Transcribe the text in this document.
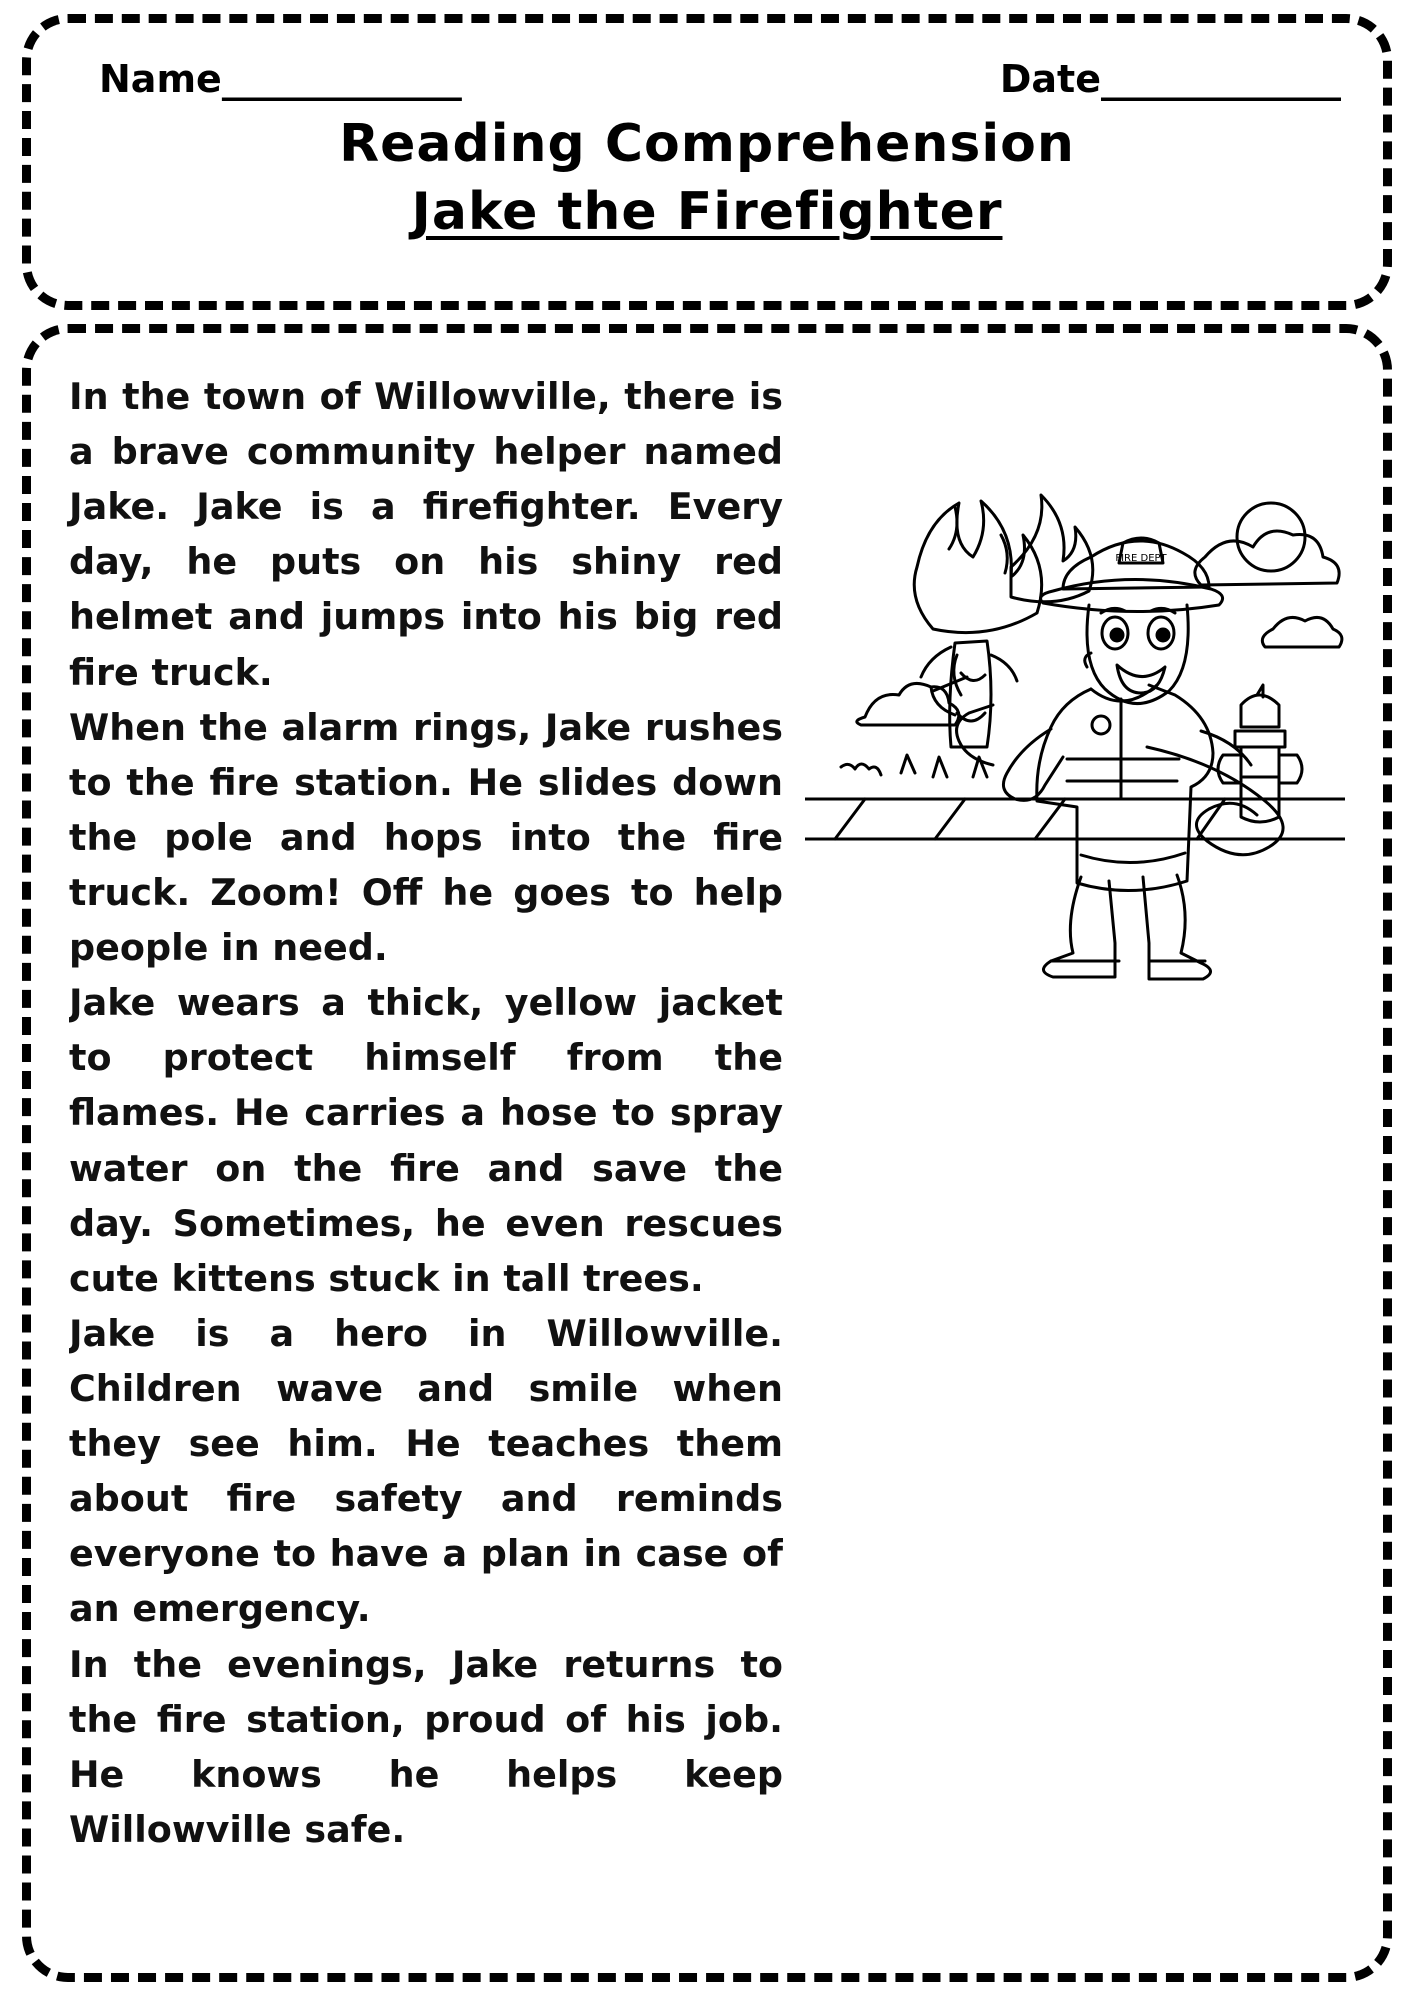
Name______________	Date______________
Reading Comprehension
Jake the Firefighter
FIRE DEPT

In the town of Willowville, there is a brave community helper named Jake. Jake is a firefighter. Every day, he puts on his shiny red helmet and jumps into his big red fire truck.

When the alarm rings, Jake rushes to the fire station. He slides down the pole and hops into the fire truck. Zoom! Off he goes to help people in need.

Jake wears a thick, yellow jacket to protect himself from the flames. He carries a hose to spray water on the fire and save the day. Sometimes, he even rescues cute kittens stuck in tall trees.

Jake is a hero in Willowville. Children wave and smile when they see him. He teaches them about fire safety and reminds everyone to have a plan in case of an emergency.

In the evenings, Jake returns to the fire station, proud of his job. He knows he helps keep Willowville safe.
